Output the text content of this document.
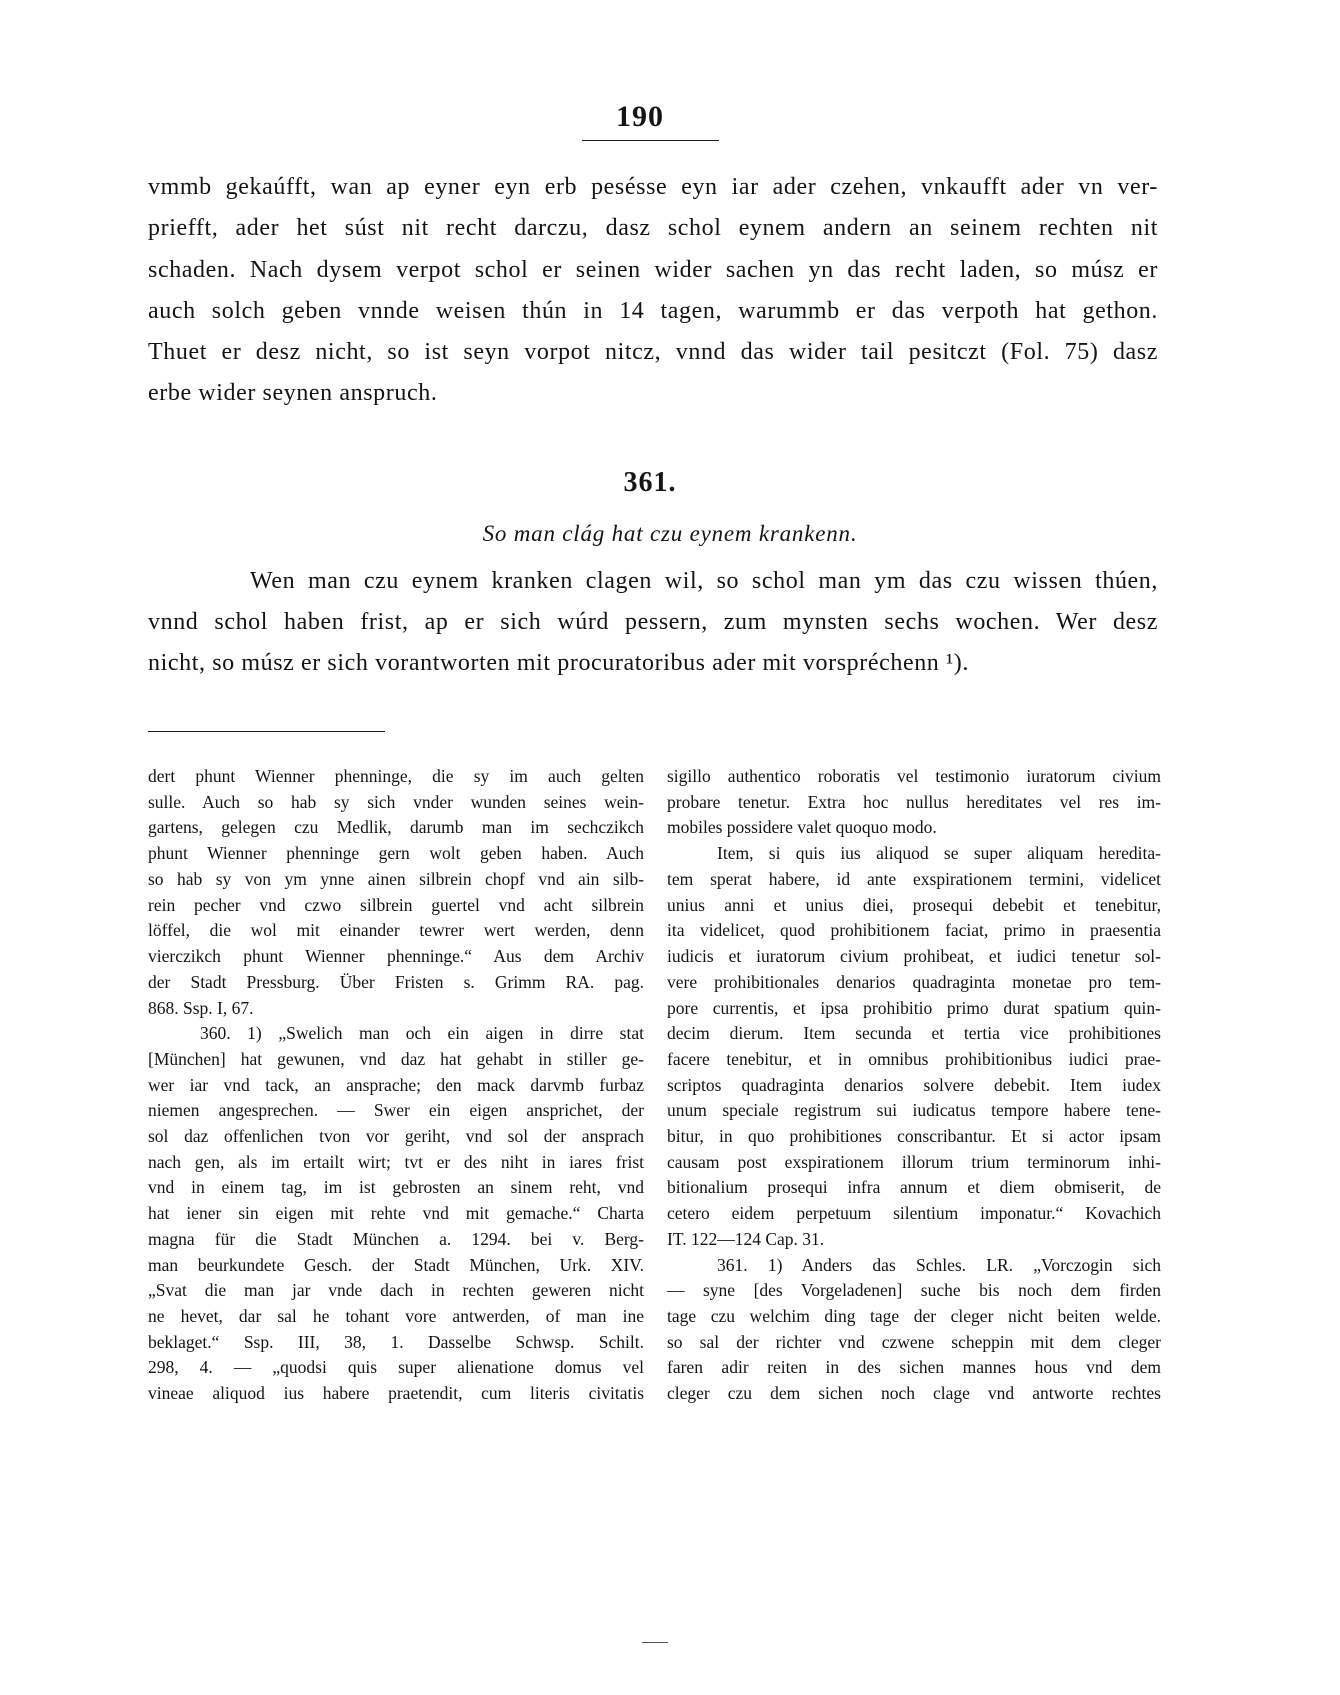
190
vmmb gekaúfft, wan ap eyner eyn erb pesésse eyn iar ader czehen, vnkaufft ader vn ver-
priefft, ader het súst nit recht darczu, dasz schol eynem andern an seinem rechten nit
schaden. Nach dysem verpot schol er seinen wider sachen yn das recht laden, so músz er
auch solch geben vnnde weisen thún in 14 tagen, warummb er das verpoth hat gethon.
Thuet er desz nicht, so ist seyn vorpot nitcz, vnnd das wider tail pesitczt (Fol. 75) dasz
erbe wider seynen anspruch.
361.
So man clág hat czu eynem krankenn.
Wen man czu eynem kranken clagen wil, so schol man ym das czu wissen thúen,
vnnd schol haben frist, ap er sich wúrd pessern, zum mynsten sechs wochen. Wer desz
nicht, so músz er sich vorantworten mit procuratoribus ader mit vorspréchenn ¹).
dert phunt Wienner phenninge, die sy im auch gelten
sulle. Auch so hab sy sich vnder wunden seines wein-
gartens, gelegen czu Medlik, darumb man im sechczikch
phunt Wienner phenninge gern wolt geben haben. Auch
so hab sy von ym ynne ainen silbrein chopf vnd ain silb-
rein pecher vnd czwo silbrein guertel vnd acht silbrein
löffel, die wol mit einander tewrer wert werden, denn
vierczikch phunt Wienner phenninge.“ Aus dem Archiv
der Stadt Pressburg. Über Fristen s. Grimm RA. pag.
868. Ssp. I, 67.
360. 1) „Swelich man och ein aigen in dirre stat
[München] hat gewunen, vnd daz hat gehabt in stiller ge-
wer iar vnd tack, an ansprache; den mack darvmb furbaz
niemen angesprechen. — Swer ein eigen ansprichet, der
sol daz offenlichen tvon vor geriht, vnd sol der ansprach
nach gen, als im ertailt wirt; tvt er des niht in iares frist
vnd in einem tag, im ist gebrosten an sinem reht, vnd
hat iener sin eigen mit rehte vnd mit gemache.“ Charta
magna für die Stadt München a. 1294. bei v. Berg-
man beurkundete Gesch. der Stadt München, Urk. XIV.
„Svat die man jar vnde dach in rechten geweren nicht
ne hevet, dar sal he tohant vore antwerden, of man ine
beklaget.“ Ssp. III, 38, 1. Dasselbe Schwsp. Schilt.
298, 4. — „quodsi quis super alienatione domus vel
vineae aliquod ius habere praetendit, cum literis civitatis
sigillo authentico roboratis vel testimonio iuratorum civium
probare tenetur. Extra hoc nullus hereditates vel res im-
mobiles possidere valet quoquo modo.
Item, si quis ius aliquod se super aliquam heredita-
tem sperat habere, id ante exspirationem termini, videlicet
unius anni et unius diei, prosequi debebit et tenebitur,
ita videlicet, quod prohibitionem faciat, primo in praesentia
iudicis et iuratorum civium prohibeat, et iudici tenetur sol-
vere prohibitionales denarios quadraginta monetae pro tem-
pore currentis, et ipsa prohibitio primo durat spatium quin-
decim dierum. Item secunda et tertia vice prohibitiones
facere tenebitur, et in omnibus prohibitionibus iudici prae-
scriptos quadraginta denarios solvere debebit. Item iudex
unum speciale registrum sui iudicatus tempore habere tene-
bitur, in quo prohibitiones conscribantur. Et si actor ipsam
causam post exspirationem illorum trium terminorum inhi-
bitionalium prosequi infra annum et diem obmiserit, de
cetero eidem perpetuum silentium imponatur.“ Kovachich
IT. 122—124 Cap. 31.
361. 1) Anders das Schles. LR. „Vorczogin sich
— syne [des Vorgeladenen] suche bis noch dem firden
tage czu welchim ding tage der cleger nicht beiten welde.
so sal der richter vnd czwene scheppin mit dem cleger
faren adir reiten in des sichen mannes hous vnd dem
cleger czu dem sichen noch clage vnd antworte rechtes
